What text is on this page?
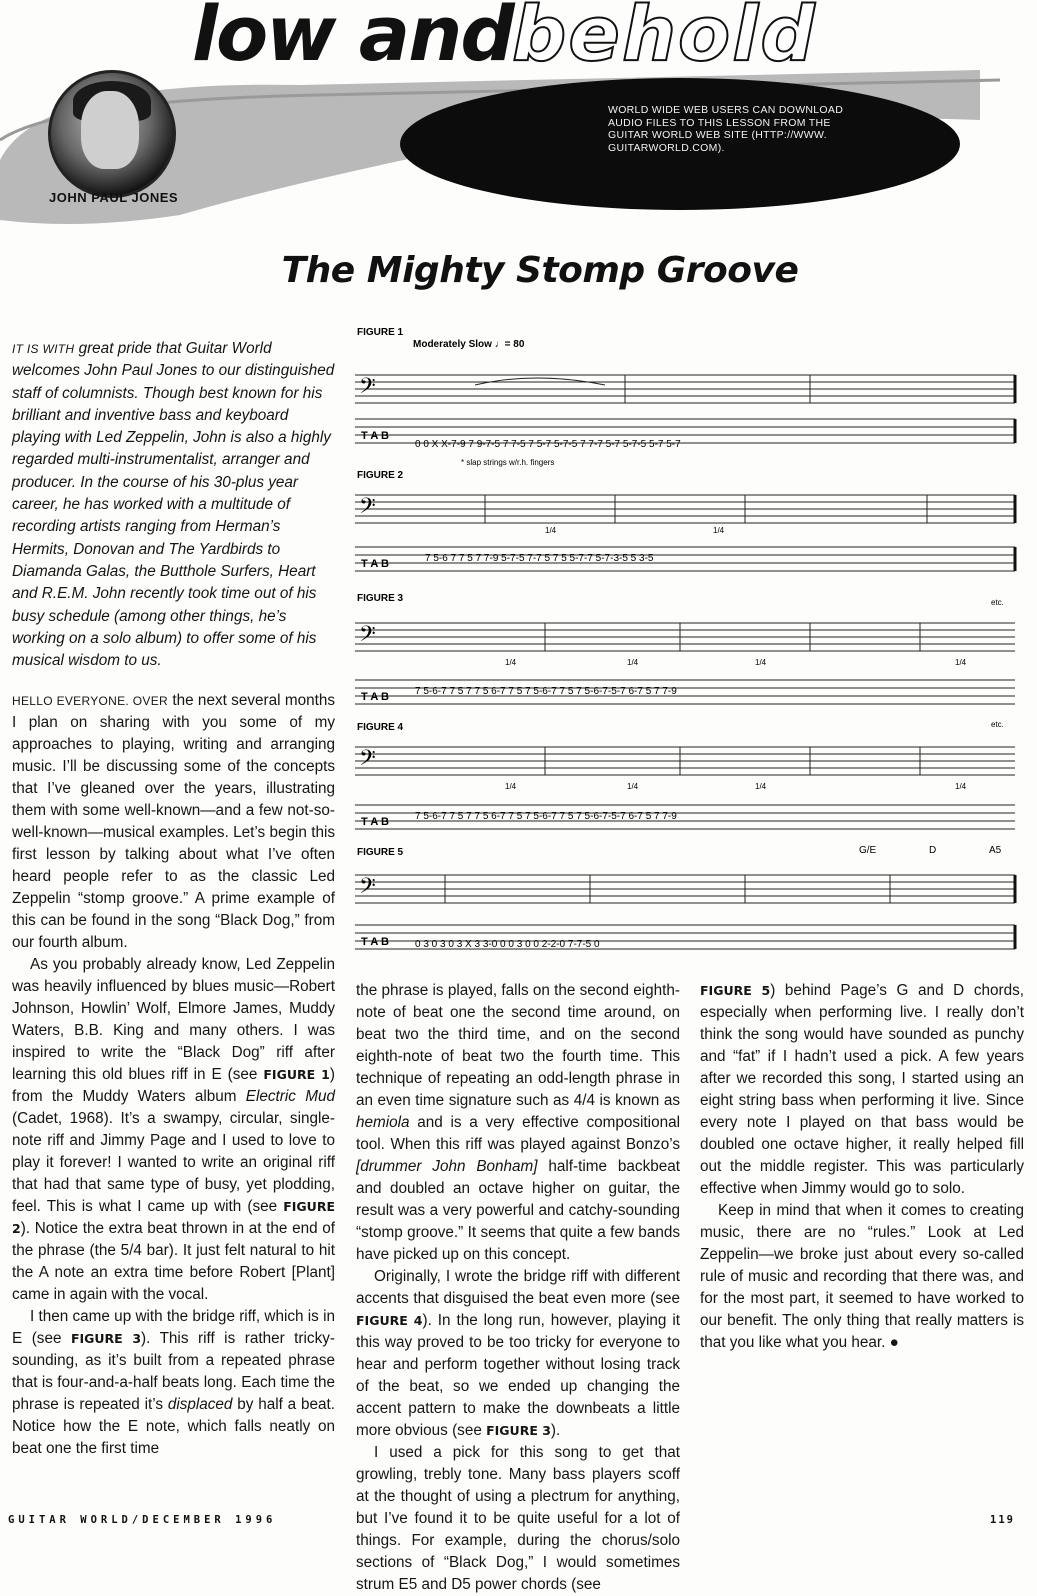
low and behold
WORLD WIDE WEB USERS CAN DOWNLOAD AUDIO FILES TO THIS LESSON FROM THE GUITAR WORLD WEB SITE (HTTP://WWW. GUITARWORLD.COM).
JOHN PAUL JONES
The Mighty Stomp Groove
IT IS WITH great pride that Guitar World welcomes John Paul Jones to our distinguished staff of columnists. Though best known for his brilliant and inventive bass and keyboard playing with Led Zeppelin, John is also a highly regarded multi-instrumentalist, arranger and producer. In the course of his 30-plus year career, he has worked with a multitude of recording artists ranging from Herman’s Hermits, Donovan and The Yardbirds to Diamanda Galas, the Butthole Surfers, Heart and R.E.M. John recently took time out of his busy schedule (among other things, he’s working on a solo album) to offer some of his musical wisdom to us.

HELLO EVERYONE. OVER the next several months I plan on sharing with you some of my approaches to playing, writing and arranging music. I’ll be discussing some of the concepts that I’ve gleaned over the years, illustrating them with some well-known—and a few not-so-well-known—musical examples. Let’s begin this first lesson by talking about what I’ve often heard people refer to as the classic Led Zeppelin “stomp groove.” A prime example of this can be found in the song “Black Dog,” from our fourth album.

As you probably already know, Led Zeppelin was heavily influenced by blues music—Robert Johnson, Howlin’ Wolf, Elmore James, Muddy Waters, B.B. King and many others. I was inspired to write the “Black Dog” riff after learning this old blues riff in E (see FIGURE 1) from the Muddy Waters album Electric Mud (Cadet, 1968). It’s a swampy, circular, single-note riff and Jimmy Page and I used to love to play it forever! I wanted to write an original riff that had that same type of busy, yet plodding, feel. This is what I came up with (see FIGURE 2). Notice the extra beat thrown in at the end of the phrase (the 5/4 bar). It just felt natural to hit the A note an extra time before Robert [Plant] came in again with the vocal.

I then came up with the bridge riff, which is in E (see FIGURE 3). This riff is rather tricky-sounding, as it’s built from a repeated phrase that is four-and-a-half beats long. Each time the phrase is repeated it’s displaced by half a beat. Notice how the E note, which falls neatly on beat one the first time

the phrase is played, falls on the second eighth-note of beat one the second time around, on beat two the third time, and on the second eighth-note of beat two the fourth time. This technique of repeating an odd-length phrase in an even time signature such as 4/4 is known as hemiola and is a very effective compositional tool. When this riff was played against Bonzo’s [drummer John Bonham] half-time backbeat and doubled an octave higher on guitar, the result was a very powerful and catchy-sounding “stomp groove.” It seems that quite a few bands have picked up on this concept.

Originally, I wrote the bridge riff with different accents that disguised the beat even more (see FIGURE 4). In the long run, however, playing it this way proved to be too tricky for everyone to hear and perform together without losing track of the beat, so we ended up changing the accent pattern to make the downbeats a little more obvious (see FIGURE 3).

I used a pick for this song to get that growling, trebly tone. Many bass players scoff at the thought of using a plectrum for anything, but I’ve found it to be quite useful for a lot of things. For example, during the chorus/solo sections of “Black Dog,” I would sometimes strum E5 and D5 power chords (see

FIGURE 5) behind Page’s G and D chords, especially when performing live. I really don’t think the song would have sounded as punchy and “fat” if I hadn’t used a pick. A few years after we recorded this song, I started using an eight string bass when performing it live. Since every note I played on that bass would be doubled one octave higher, it really helped fill out the middle register. This was particularly effective when Jimmy would go to solo.

Keep in mind that when it comes to creating music, there are no “rules.” Look at Led Zeppelin—we broke just about every so-called rule of music and recording that there was, and for the most part, it seemed to have worked to our benefit. The only thing that really matters is that you like what you hear. ●

FIGURE 1
Moderately Slow ♩= 80
𝄢
T A B
0 0 X X-7-9 7 9-7-5 7 7-5 7 5-7 5-7-5 7 7-7 5-7 5-7-5 5-7 5-7
* slap strings w/r.h. fingers
FIGURE 2
𝄢
1/4	1/4
T A B	7 5-6 7 7 5 7 7-9 5-7-5 7-7 5 7 5 5-7-7 5-7-3-5 5 3-5
FIGURE 3	etc.
𝄢
1/4	1/4	1/4	1/4
T A B	7 5-6-7 7 5 7 7 5 6-7 7 5 7 5-6-7 7 5 7 5-6-7-5-7 6-7 5 7 7-9
FIGURE 4	etc.
𝄢
1/4	1/4	1/4	1/4
T A B	7 5-6-7 7 5 7 7 5 6-7 7 5 7 5-6-7 7 5 7 5-6-7-5-7 6-7 5 7 7-9
FIGURE 5	G/E	D	A5
𝄢
T A B	0 3 0 3 0 3 X 3 3-0 0 0 3 0 0 2-2-0 7-7-5 0
GUITAR WORLD/DECEMBER 1996	119
